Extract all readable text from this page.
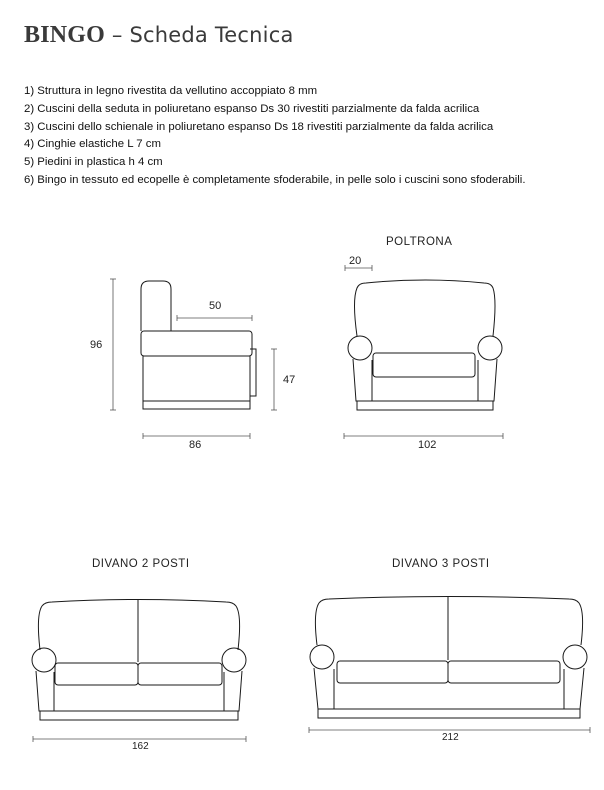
BINGO – Scheda Tecnica
1) Struttura in legno rivestita da vellutino accoppiato 8 mm
2) Cuscini della seduta in poliuretano espanso Ds 30 rivestiti parzialmente da falda acrilica
3) Cuscini dello schienale in poliuretano espanso Ds 18 rivestiti parzialmente da falda acrilica
4) Cinghie elastiche L 7 cm
5) Piedini in plastica h 4 cm
6) Bingo in tessuto ed ecopelle è completamente sfoderabile, in pelle solo i cuscini sono sfoderabili.
POLTRONA
DIVANO 2 POSTI	DIVANO 3 POSTI
96
50
47
86
20
102
162
212
